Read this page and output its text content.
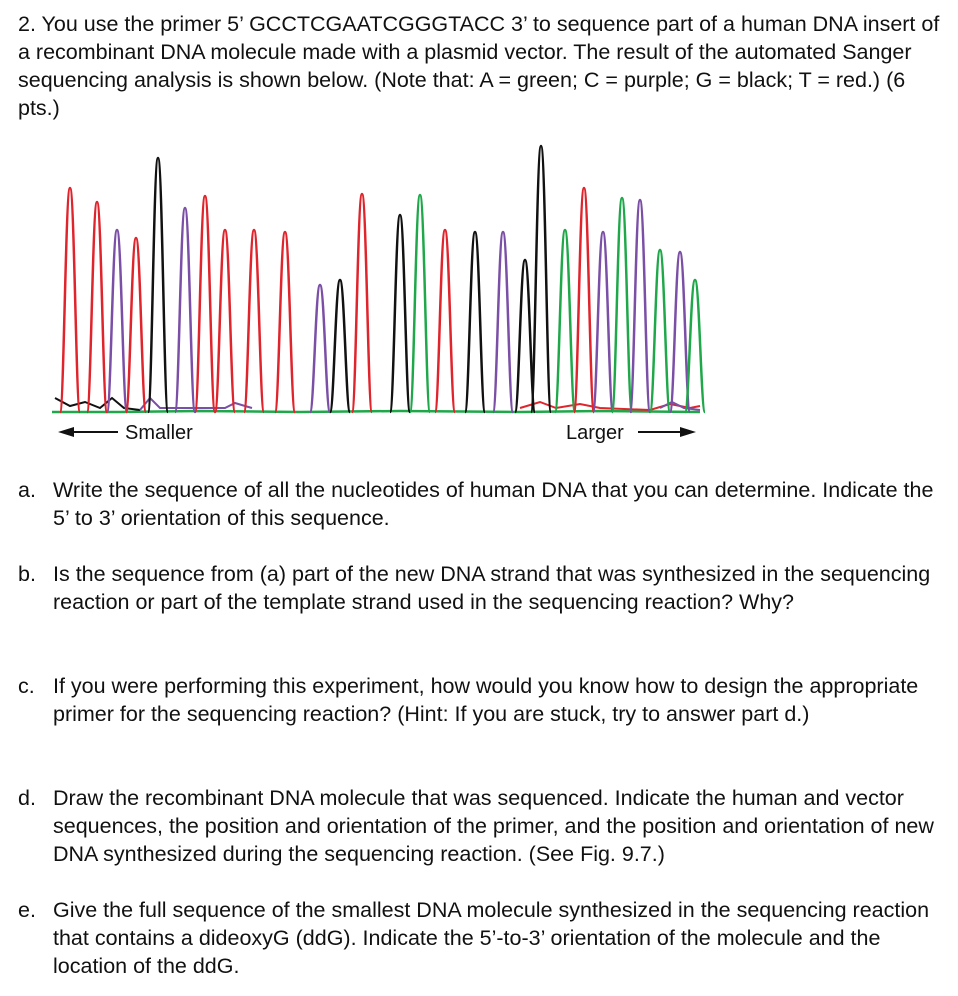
2. You use the primer 5’ GCCTCGAATCGGGTACC 3’ to sequence part of a human DNA insert of a recombinant DNA molecule made with a plasmid vector. The result of the automated Sanger sequencing analysis is shown below. (Note that: A = green; C = purple; G = black; T = red.) (6 pts.)
Smaller	Larger
a. Write the sequence of all the nucleotides of human DNA that you can determine. Indicate the 5’ to 3’ orientation of this sequence.
b. Is the sequence from (a) part of the new DNA strand that was synthesized in the sequencing reaction or part of the template strand used in the sequencing reaction? Why?
c. If you were performing this experiment, how would you know how to design the appropriate primer for the sequencing reaction? (Hint: If you are stuck, try to answer part d.)
d. Draw the recombinant DNA molecule that was sequenced. Indicate the human and vector sequences, the position and orientation of the primer, and the position and orientation of new DNA synthesized during the sequencing reaction. (See Fig. 9.7.)
e. Give the full sequence of the smallest DNA molecule synthesized in the sequencing reaction that contains a dideoxyG (ddG). Indicate the 5’-to-3’ orientation of the molecule and the location of the ddG.
